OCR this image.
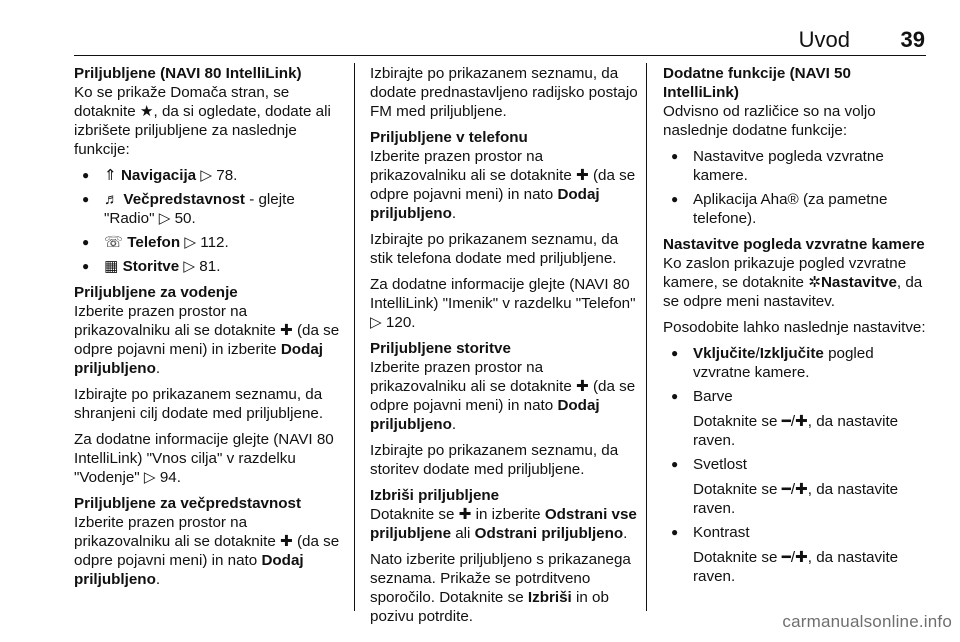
Uvod	39

Priljubljene (NAVI 80 IntelliLink)
Ko se prikaže Domača stran, se dotaknite ★, da si ogledate, dodate ali izbrišete priljubljene za naslednje funkcije:

● ⇑ Navigacija ▷ 78.
● ♬ Večpredstavnost - glejte "Radio" ▷ 50.
● ☏ Telefon ▷ 112.
● ▦ Storitve ▷ 81.

Priljubljene za vodenje
Izberite prazen prostor na prikazovalniku ali se dotaknite ✚ (da se odpre pojavni meni) in izberite Dodaj priljubljeno.

Izbirajte po prikazanem seznamu, da shranjeni cilj dodate med priljubljene.

Za dodatne informacije glejte (NAVI 80 IntelliLink) "Vnos cilja" v razdelku "Vodenje" ▷ 94.

Priljubljene za večpredstavnost
Izberite prazen prostor na prikazovalniku ali se dotaknite ✚ (da se odpre pojavni meni) in nato Dodaj priljubljeno.

Izbirajte po prikazanem seznamu, da dodate prednastavljeno radijsko postajo FM med priljubljene.

Priljubljene v telefonu
Izberite prazen prostor na prikazovalniku ali se dotaknite ✚ (da se odpre pojavni meni) in nato Dodaj priljubljeno.

Izbirajte po prikazanem seznamu, da stik telefona dodate med priljubljene.

Za dodatne informacije glejte (NAVI 80 IntelliLink) "Imenik" v razdelku "Telefon" ▷ 120.

Priljubljene storitve
Izberite prazen prostor na prikazovalniku ali se dotaknite ✚ (da se odpre pojavni meni) in nato Dodaj priljubljeno.

Izbirajte po prikazanem seznamu, da storitev dodate med priljubljene.

Izbriši priljubljene
Dotaknite se ✚ in izberite Odstrani vse priljubljene ali Odstrani priljubljeno.

Nato izberite priljubljeno s prikazanega seznama. Prikaže se potrditveno sporočilo. Dotaknite se Izbriši in ob pozivu potrdite.

Dodatne funkcije (NAVI 50 IntelliLink)
Odvisno od različice so na voljo naslednje dodatne funkcije:

● Nastavitve pogleda vzvratne kamere.
● Aplikacija Aha® (za pametne telefone).

Nastavitve pogleda vzvratne kamere
Ko zaslon prikazuje pogled vzvratne kamere, se dotaknite ✲Nastavitve, da se odpre meni nastavitev.

Posodobite lahko naslednje nastavitve:

● Vključite/Izključite pogled vzvratne kamere.
● Barve
Dotaknite se ━/✚, da nastavite raven.
● Svetlost
Dotaknite se ━/✚, da nastavite raven.
● Kontrast
Dotaknite se ━/✚, da nastavite raven.
carmanualsonline.info
